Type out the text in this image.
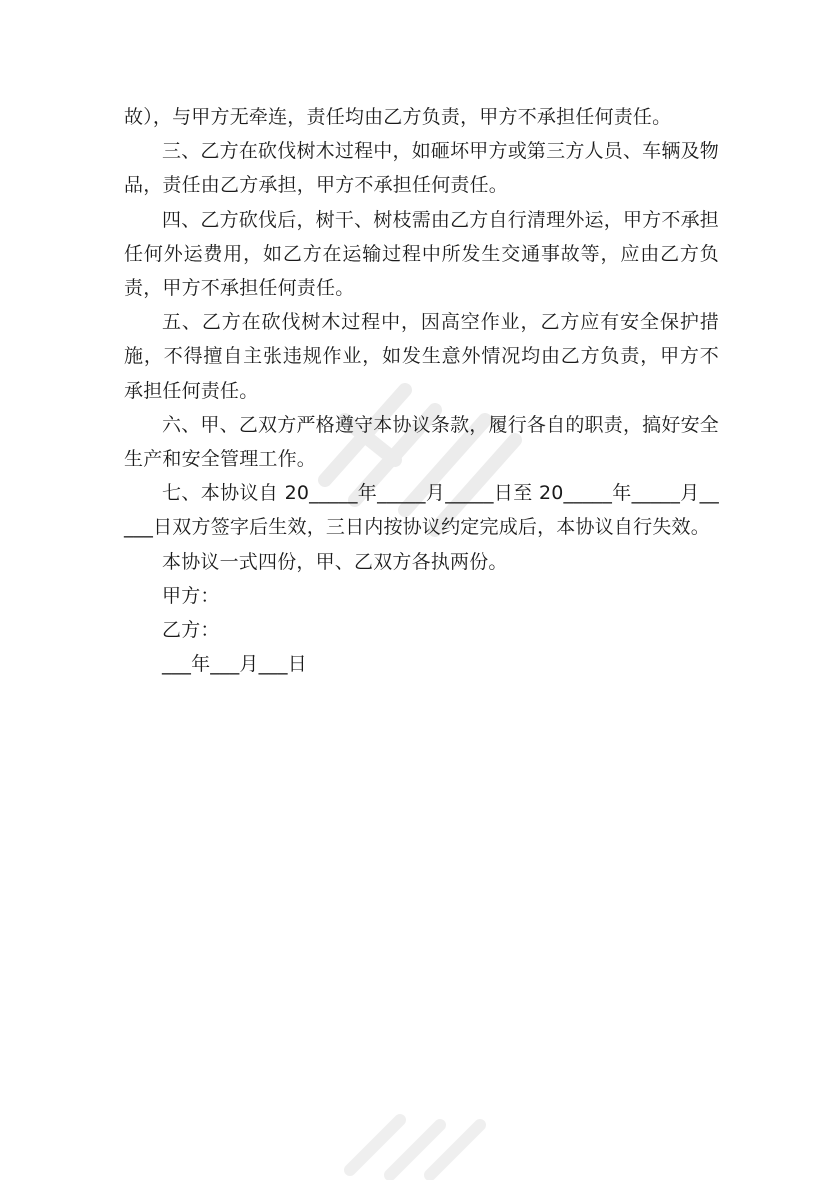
故），与甲方无牵连，责任均由乙方负责，甲方不承担任何责任。

三、乙方在砍伐树木过程中，如砸坏甲方或第三方人员、车辆及物品，责任由乙方承担，甲方不承担任何责任。

四、乙方砍伐后，树干、树枝需由乙方自行清理外运，甲方不承担任何外运费用，如乙方在运输过程中所发生交通事故等，应由乙方负责，甲方不承担任何责任。

五、乙方在砍伐树木过程中，因高空作业，乙方应有安全保护措施，不得擅自主张违规作业，如发生意外情况均由乙方负责，甲方不承担任何责任。

六、甲、乙双方严格遵守本协议条款，履行各自的职责，搞好安全生产和安全管理工作。

七、本协议自 20_____年_____月_____日至 20_____年_____月_____日双方签字后生效，三日内按协议约定完成后，本协议自行失效。

本协议一式四份，甲、乙双方各执两份。

甲方：

乙方：

___年___月___日
